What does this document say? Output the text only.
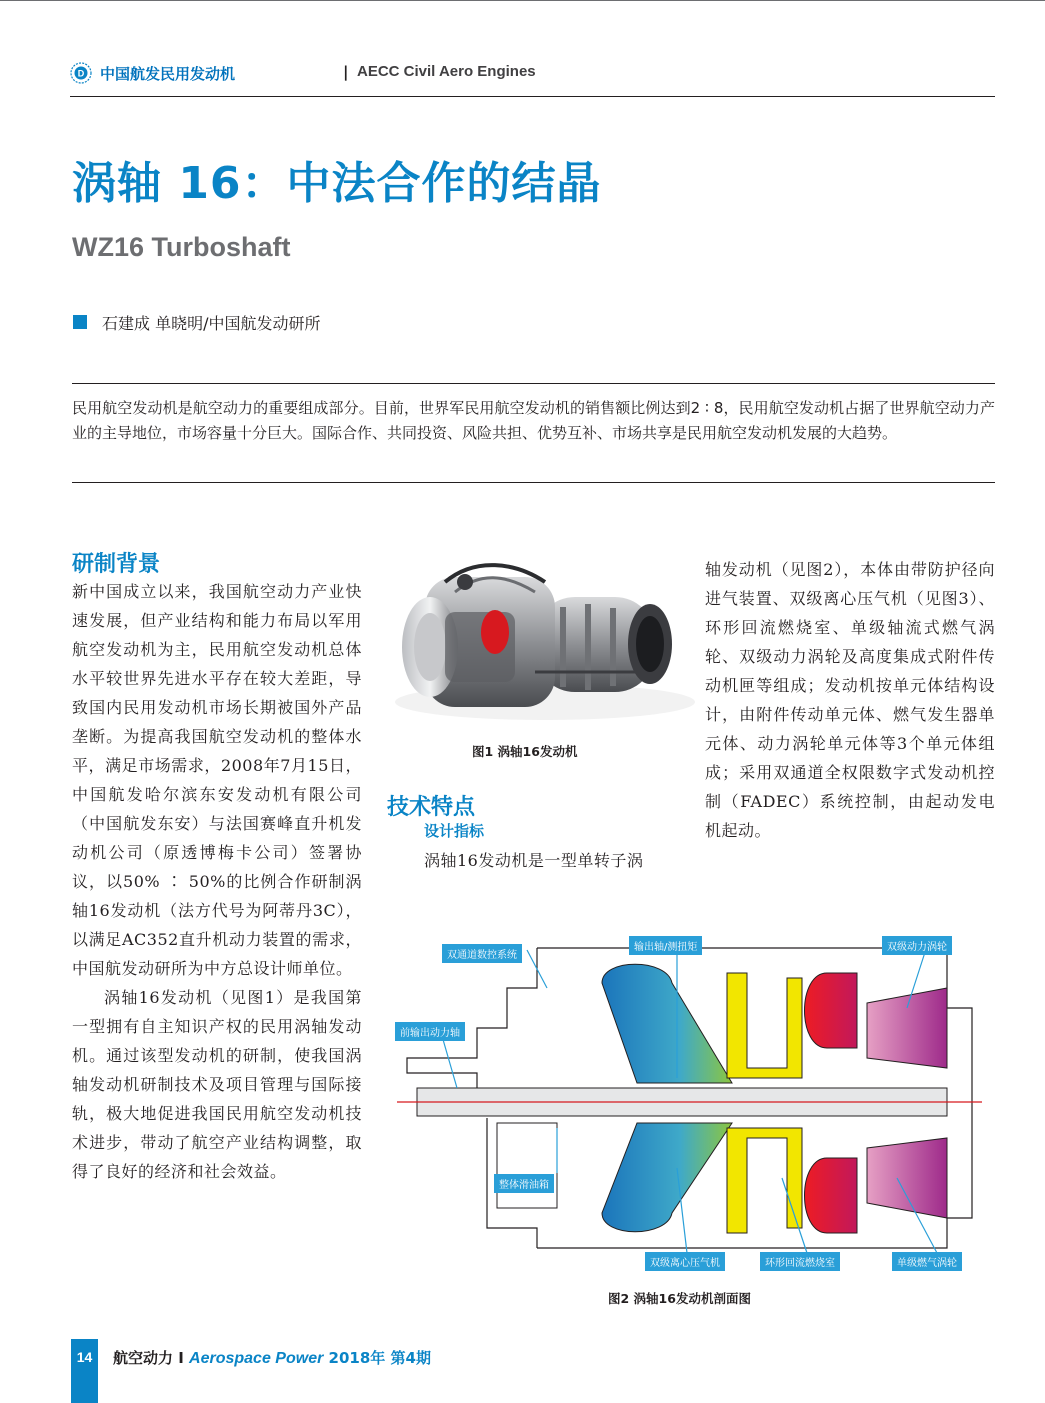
D 中国航发民用发动机	| AECC Civil Aero Engines
涡轴 16：中法合作的结晶
WZ16 Turboshaft
石建成 单晓明/中国航发动研所

民用航空发动机是航空动力的重要组成部分。目前，世界军民用航空发动机的销售额比例达到2 ∶ 8，民用航空发动机占据了世界航空动力产业的主导地位，市场容量十分巨大。国际合作、共同投资、风险共担、优势互补、市场共享是民用航空发动机发展的大趋势。

研制背景

新中国成立以来，我国航空动力产业快速发展，但产业结构和能力布局以军用航空发动机为主，民用航空发动机总体水平较世界先进水平存在较大差距，导致国内民用发动机市场长期被国外产品垄断。为提高我国航空发动机的整体水平，满足市场需求，2008年7月15日，中国航发哈尔滨东安发动机有限公司（中国航发东安）与法国赛峰直升机发动机公司（原透博梅卡公司）签署协议，以50% ∶ 50%的比例合作研制涡轴16发动机（法方代号为阿蒂丹3C），以满足AC352直升机动力装置的需求，中国航发动研所为中方总设计师单位。

涡轴16发动机（见图1）是我国第一型拥有自主知识产权的民用涡轴发动机。通过该型发动机的研制，使我国涡轴发动机研制技术及项目管理与国际接轨，极大地促进我国民用航空发动机技术进步，带动了航空产业结构调整，取得了良好的经济和社会效益。

图1 涡轴16发动机
技术特点
设计指标

涡轴16发动机是一型单转子涡

轴发动机（见图2），本体由带防护径向进气装置、双级离心压气机（见图3）、环形回流燃烧室、单级轴流式燃气涡轮、双级动力涡轮及高度集成式附件传动机匣等组成；发动机按单元体结构设计，由附件传动单元体、燃气发生器单元体、动力涡轮单元体等3个单元体组成；采用双通道全权限数字式发动机控制（FADEC）系统控制，由起动发电机起动。

双通道数控系统
输出轴/测扭矩	双级动力涡轮
前输出动力轴
整体滑油箱
双级离心压气机	环形回流燃烧室	单级燃气涡轮
图2 涡轴16发动机剖面图
14	航空动力 I Aerospace Power 2018年 第4期
